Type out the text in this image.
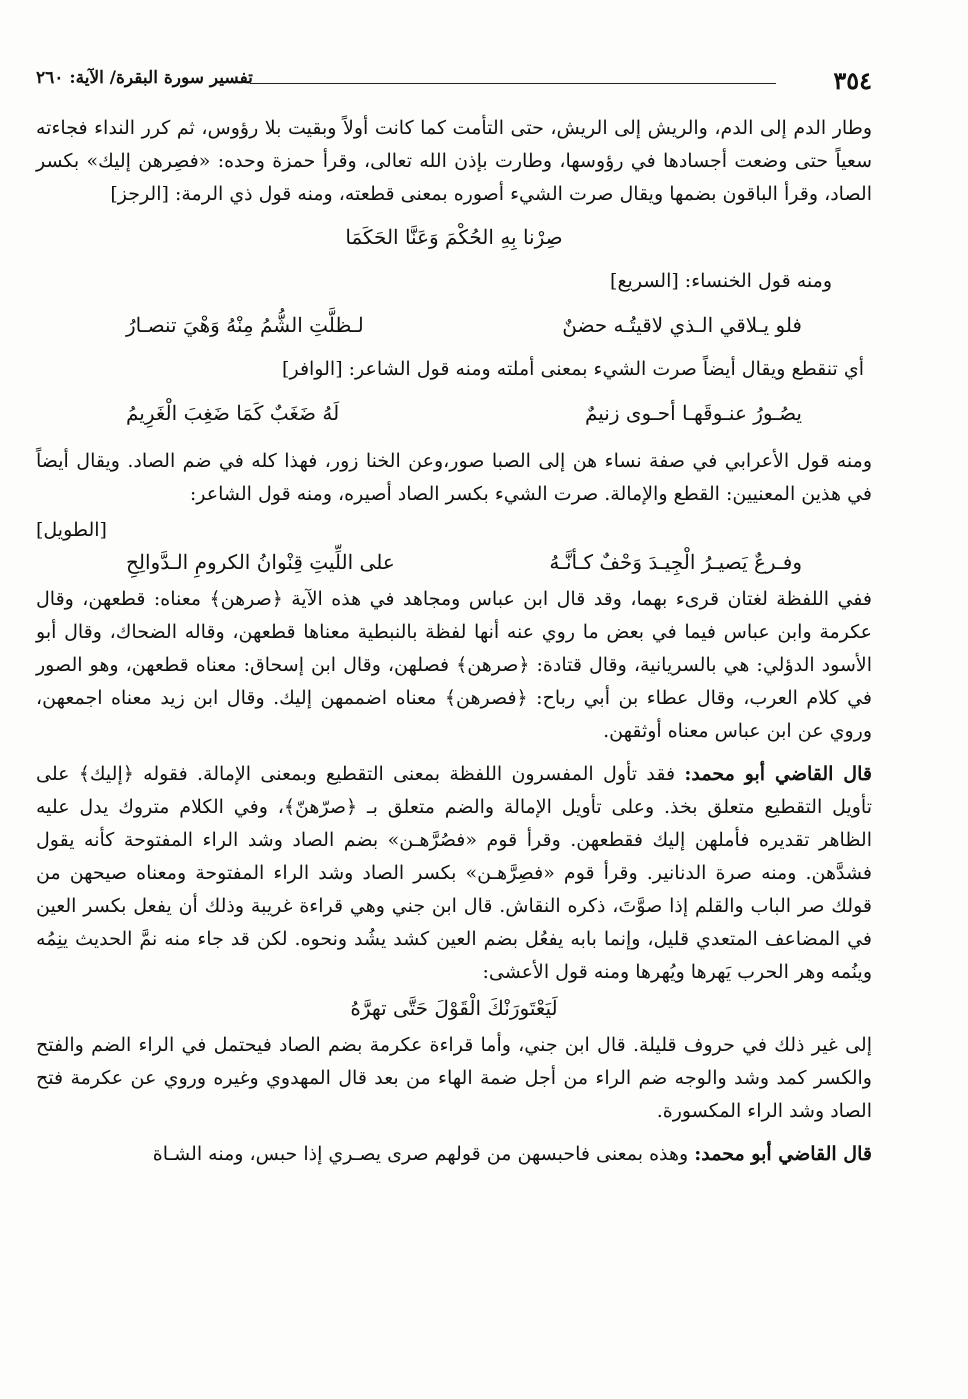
٣٥٤
تفسير سورة البقرة/ الآية: ٢٦٠

وطار الدم إلى الدم، والريش إلى الريش، حتى التأمت كما كانت أولاً وبقيت بلا رؤوس، ثم كرر النداء فجاءته سعياً حتى وضعت أجسادها في رؤوسها، وطارت بإذن الله تعالى، وقرأ حمزة وحده: «فصِرهن إليك» بكسر الصاد، وقرأ الباقون بضمها ويقال صرت الشيء أصوره بمعنى قطعته، ومنه قول ذي الرمة: [الرجز]

صِرْنا بِهِ الحُكْمَ وَعَنَّا الحَكَمَا
ومنه قول الخنساء: [السريع]
فلو يـلاقي الـذي لاقيتُـه حضنٌ
لـظلَّتِ الشُّمُ مِنْهُ وَهْيَ تنصـارُ
أي تنقطع ويقال أيضاً صرت الشيء بمعنى أملته ومنه قول الشاعر: [الوافر]
يصُـورُ عنـوقَهـا أحـوى زنيمٌ
لَهُ ضَغَبٌ كَمَا ضَغِبَ الْغَرِيمُ

ومنه قول الأعرابي في صفة نساء هن إلى الصبا صور،وعن الخنا زور، فهذا كله في ضم الصاد. ويقال أيضاً في هذين المعنيين: القطع والإمالة. صرت الشيء بكسر الصاد أصيره، ومنه قول الشاعر:

[الطويل]
وفـرعٌ يَصيـرُ الْجِيـدَ وَحْفٌ كـأنَّـهُ
على اللِّيتِ قِنْوانُ الكرومِ الـدَّوالِحِ

ففي اللفظة لغتان قرىء بهما، وقد قال ابن عباس ومجاهد في هذه الآية ﴿صرهن﴾ معناه: قطعهن، وقال عكرمة وابن عباس فيما في بعض ما روي عنه أنها لفظة بالنبطية معناها قطعهن، وقاله الضحاك، وقال أبو الأسود الدؤلي: هي بالسريانية، وقال قتادة: ﴿صرهن﴾ فصلهن، وقال ابن إسحاق: معناه قطعهن، وهو الصور في كلام العرب، وقال عطاء بن أبي رباح: ﴿فصرهن﴾ معناه اضممهن إليك. وقال ابن زيد معناه اجمعهن، وروي عن ابن عباس معناه أوثقهن.

قال القاضي أبو محمد: فقد تأول المفسرون اللفظة بمعنى التقطيع وبمعنى الإمالة. فقوله ﴿إليك﴾ على تأويل التقطيع متعلق بخذ. وعلى تأويل الإمالة والضم متعلق بـ ﴿صرّهنّ﴾، وفي الكلام متروك يدل عليه الظاهر تقديره فأملهن إليك فقطعهن. وقرأ قوم «فصُرَّهـن» بضم الصاد وشد الراء المفتوحة كأنه يقول فشدَّهن. ومنه صرة الدنانير. وقرأ قوم «فصِرَّهـن» بكسر الصاد وشد الراء المفتوحة ومعناه صيحهن من قولك صر الباب والقلم إذا صوَّتَ، ذكره النقاش. قال ابن جني وهي قراءة غريبة وذلك أن يفعل بكسر العين في المضاعف المتعدي قليل، وإنما بابه يفعُل بضم العين كشد يشُد ونحوه. لكن قد جاء منه نمَّ الحديث ينِمُه وينُمه وهر الحرب يَهرها ويُهرها ومنه قول الأعشى:

لَيَعْتَورَنْكَ الْقَوْلَ حَتَّى تهرَّهُ

إلى غير ذلك في حروف قليلة. قال ابن جني، وأما قراءة عكرمة بضم الصاد فيحتمل في الراء الضم والفتح والكسر كمد وشد والوجه ضم الراء من أجل ضمة الهاء من بعد قال المهدوي وغيره وروي عن عكرمة فتح الصاد وشد الراء المكسورة.

قال القاضي أبو محمد: وهذه بمعنى فاحبسهن من قولهم صرى يصـري إذا حبس، ومنه الشـاة
